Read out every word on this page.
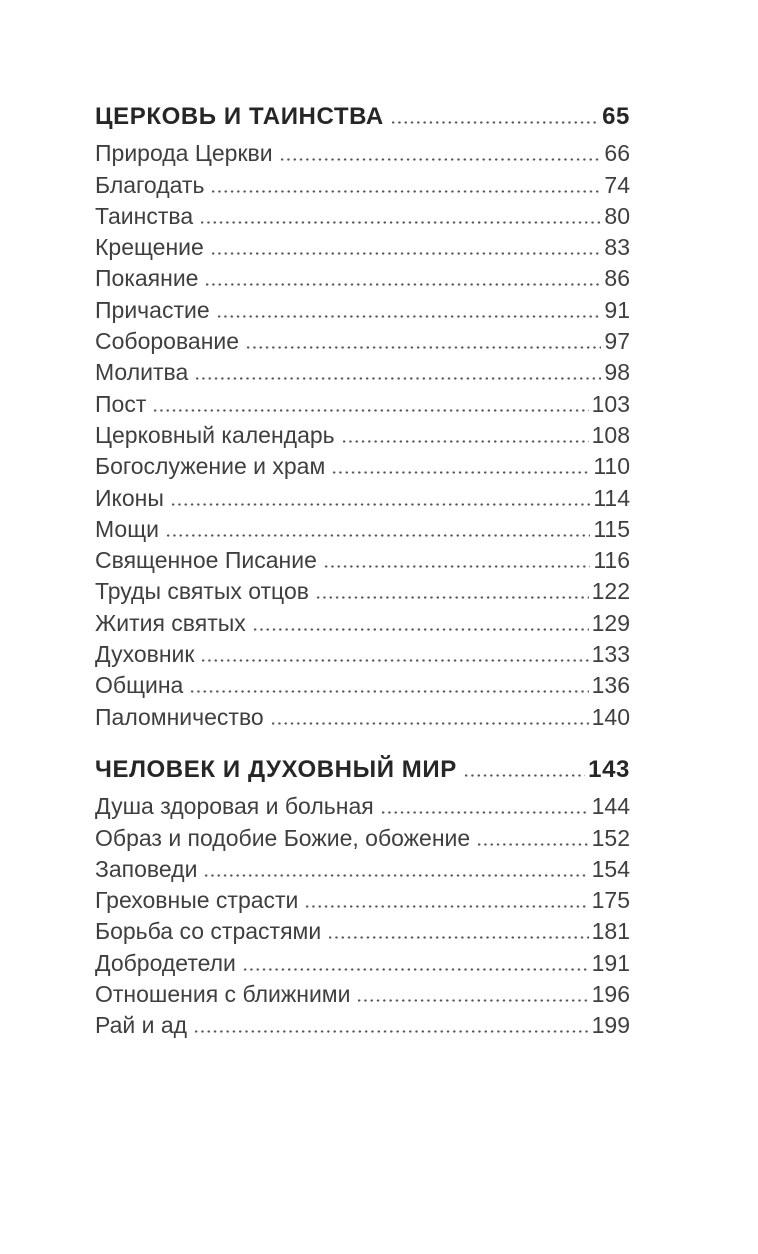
ЦЕРКОВЬ И ТАИНСТВА	65
Природа Церкви	66
Благодать	74
Таинства	80
Крещение	83
Покаяние	86
Причастие	91
Соборование	97
Молитва	98
Пост	103
Церковный календарь	108
Богослужение и храм	110
Иконы	114
Мощи	115
Священное Писание	116
Труды святых отцов	122
Жития святых	129
Духовник	133
Община	136
Паломничество	140
ЧЕЛОВЕК И ДУХОВНЫЙ МИР	143
Душа здоровая и больная	144
Образ и подобие Божие, обожение	152
Заповеди	154
Греховные страсти	175
Борьба со страстями	181
Добродетели	191
Отношения с ближними	196
Рай и ад	199
